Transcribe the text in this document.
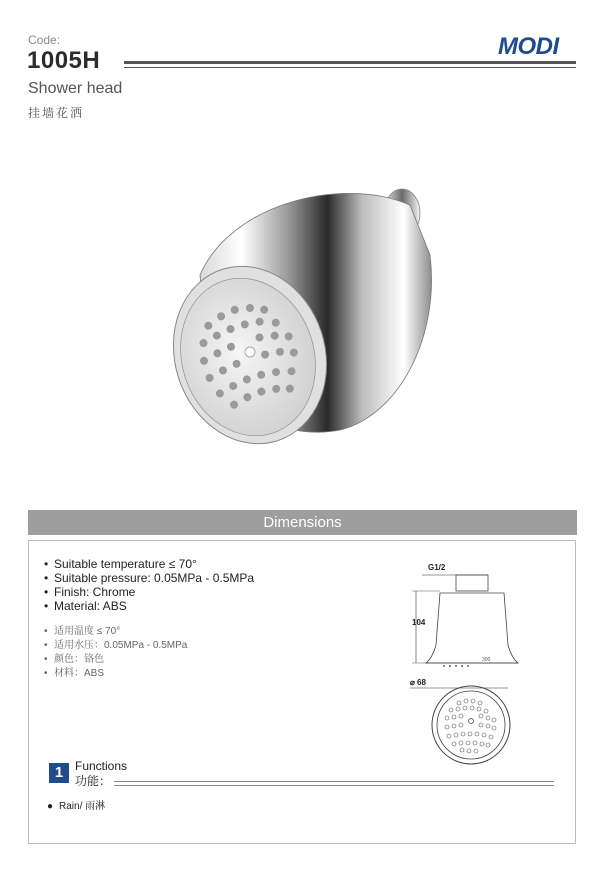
Code:
1005H
MODI
Shower head
挂墙花洒
Dimensions
• Suitable temperature ≤ 70°
• Suitable pressure: 0.05MPa - 0.5MPa
• Finish: Chrome
• Material: ABS
• 适用温度 ≤ 70°
• 适用水压：0.05MPa - 0.5MPa
• 颜色：铬色
• 材料：ABS
G1/2
300
104
⌀ 68
1 Functions
功能：
● Rain/ 雨淋
